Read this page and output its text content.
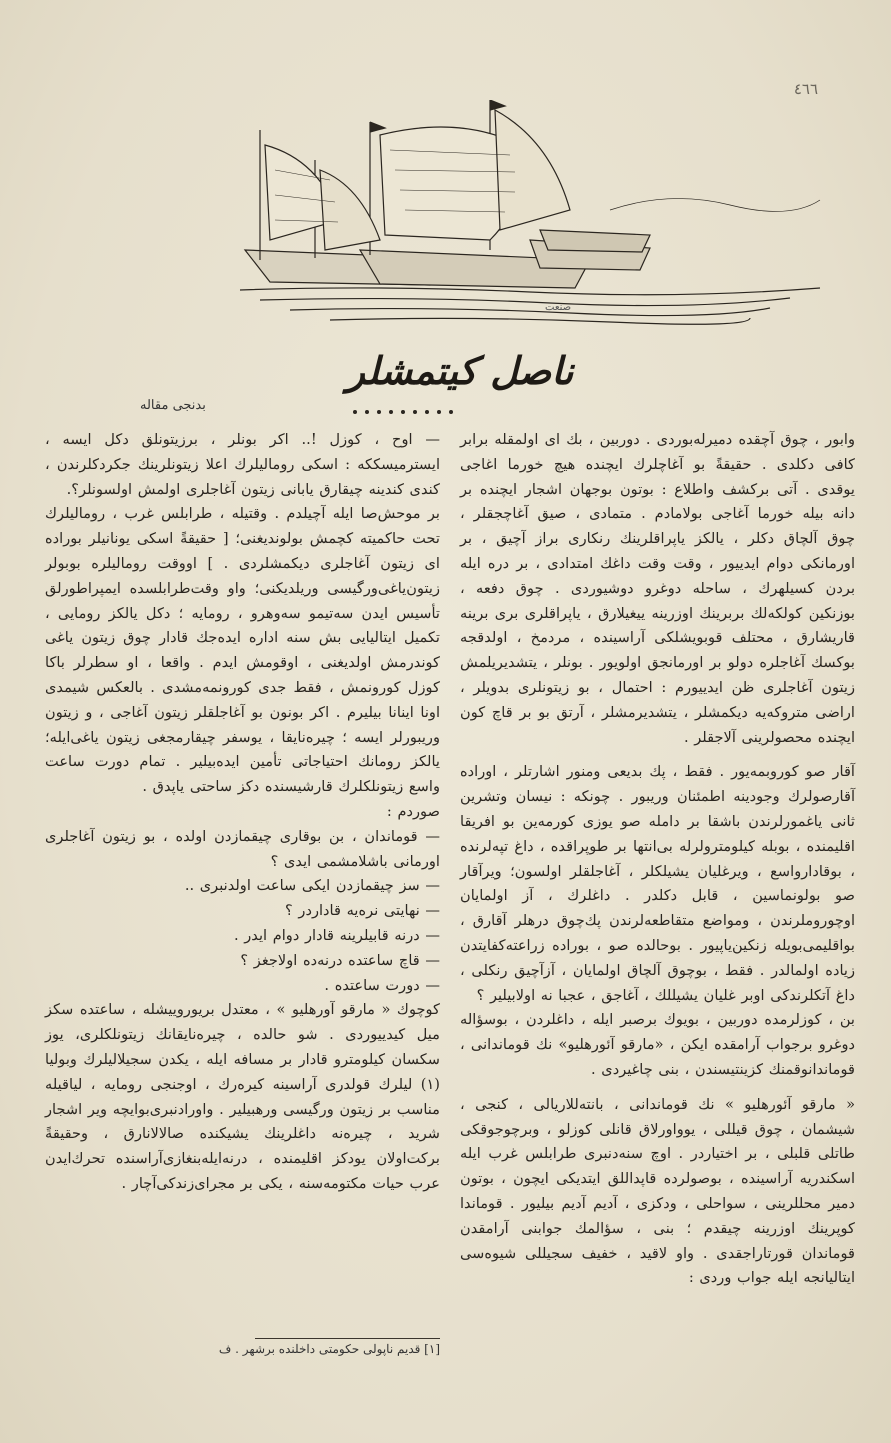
٤٦٦
صنعت
ناصل كيتمشلر
بدنجى مقاله

وابور ، چوق آچقده دمیرله‌بوردی . دوربین ، بك ای اولمقله برابر كافی دكلدی . حقیقةً بو آغاچلرك ایچنده هیچ خورما اغاجی یوقدی . آتی بركشف واطلاع : بوتون بوجهان اشجار ایچنده بر دانه بیله خورما آغاجی بولامادم . متمادی ، صیق آغاچجقلر ، چوق آلچاق دكلر ، یالكز یاپراقلرینك رنكاری براز آچیق ، بر اورمانكی دوام ایدییور ، وقت وقت داغك امتدادی ، بر دره ایله بردن كسیلهرك ، ساحله دوغرو دوشیوردی . چوق دفعه ، بوزنكین كولكه‌لك بربرینك اوزرینه ییغیلارق ، یاپراقلری بری برینه قاریشارق ، محتلف قوبویشلكی آراسینده ، مردمخ ، اولدقجه بوكسك آغاجلره دولو بر اورمانجق اولویور . بونلر ، یتشدیریلمش زیتون آغاجلری ظن ایدییورم : احتمال ، بو زیتونلری بدویلر ، اراضی متروكه‌یه دیكمشلر ، یتشدیرمشلر ، آرتق بو بر قاچ كون ایچنده محصولرینی آلاجقلر .

آقار صو كوروبمه‌یور . فقط ، پك بدیعی ومنور اشارتلر ، اوراده آقارصولرك وجودینه اطمئنان وریبور . چونكه : نیسان وتشرین ثانی یاغمورلرندن باشقا بر دامله صو یوزی كورمه‌ین بو افریقا اقلیمنده ، بوبله كیلومترولرله بی‌انتها بر طوپراقده ، داغ تپه‌لرنده ، بوقادارواسع ، ویرغلیان یشیلكلر ، آغاجلقلر اولسون؛ ویرآقار صو بولونماسین ، قابل دكلدر . داغلرك ، آز اولمایان اوچوروملرندن ، ومواضع متقاطعه‌لرندن پك‌چوق درهلر آقارق ، بواقلیمی‌بویله زنكین‌یاپیور . بوحالده صو ، بوراده زراعته‌كفایتدن زیاده اولمالدر . فقط ، بوچوق آلچاق اولمایان ، آزآچیق رنكلی ، داغ آتكلرندكی اوبر غلیان یشیللك ، آغاجق ، عجبا نه اولابیلیر ؟

بن ، كوزلرمده دوربین ، بویوك برصبر ایله ، داغلردن ، بوسؤاله دوغرو برجواب آرامقده ایكن ، «مارقو آئورهلیو» نك قوماندانی ، قوماندانوقمنك كزینتیسندن ، بنی چاغیردی .

« مارقو آئورهلیو » نك قوماندانی ، بانته‌للاریالی ، كنجی ، شیشمان ، چوق قیللی ، یوواورلاق قانلی كوزلو ، وبرچوجوقكی طاتلی قلبلی ، بر اختیاردر . اوچ سنه‌دنبری طرابلس غرب ایله اسكندریه آراسینده ، بوصولرده قاپداللق ایتدیكی ایچون ، بوتون دمیر محللرینی ، سواحلی ، ودكزی ، آدیم آدیم بیلیور . قوماندا كوپرینك اوزرینه چیقدم ؛ بنی ، سؤالمك جوابنی آرامقدن قوماندان قورتاراجقدی . واو لاقید ، خفیف سجیللی شیوه‌سی ایتالیانجه ایله جواب وردی :

— اوح ، كوزل !.. اكر بونلر ، برزیتونلق دكل ایسه ، ایسترمیسككه : اسكی رومالیلرك اعلا زیتونلرینك جكردكلرندن ، كندی كندینه چیقارق یابانی زیتون آغاجلری اولمش اولسونلر؟.

بر موحش‌صا ایله آچیلدم . وقتیله ، طرابلس غرب ، رومالیلرك تحت حاكمیته كچمش بولوندیغنی؛ [ حقیقةً اسكی یونانیلر بوراده ای زیتون آغاجلری دیكمشلردی . ] اووقت رومالیلره بوبولر زیتون‌یاغی‌ورگیسی وریلدیكنی؛ واو وقت‌طرابلسده ایمپراطورلق تأسیس ایدن سه‌تیمو سه‌وهرو ، رومایه ؛ دكل یالكز رومایی ، تكمیل ایتالیایی بش سنه اداره ایده‌جك قادار چوق زیتون یاغی كوندرمش اولدیغنی ، اوقومش ایدم . واقعا ، او سطرلر باكا كوزل كورونمش ، فقط جدی كورونمه‌مشدی . بالعكس شیمدی اونا اینانا بیلیرم . اكر بونون بو آغاجلقلر زیتون آغاجی ، و زیتون وریبورلر ایسه ؛ چیره‌نایقا ، یوسفر چیقارمجغی زیتون یاغی‌ایله؛ یالكز رومانك احتیاجاتی تأمین ایده‌بیلیر . تمام دورت ساعت واسع زیتونلكلرك قارشیسنده دكز ساحتی یاپدق .

صوردم :

— قوماندان ، بن بوقاری چیقمازدن اولده ، بو زیتون آغاجلری اورمانی باشلامشمی ایدی ؟

— سز چیقمازدن ایكی ساعت اولدنبری ..

— نهایتی نره‌یه قاداردر ؟

— درنه قابیلرینه قادار دوام ایدر .

— قاچ ساعتده درنه‌ده اولاجغز ؟

— دورت ساعتده .

كوچوك « مارقو آورهلیو » ، معتدل بریوروییشله ، ساعتده سكز میل كیدییوردی . شو حالده ، چیره‌نایقانك زیتونلكلری، یوز سكسان كیلومترو قادار بر مسافه ایله ، یكدن سجیلالیلرك وبولیا (۱) لیلرك قولدری آراسینه كیره‌رك ، اوجنجی رومایه ، لیاقیله مناسب بر زیتون ورگیسی ورهبیلیر . واورادنبری‌بوایچه ویر اشجار شرید ، چیره‌نه داغلرینك یشیكنده صالالانارق ، وحقیقةً بركت‌اولان یودكز اقلیمنده ، درنه‌ایله‌بنغازی‌آراسنده تحرك‌ایدن عرب حیات مكتومه‌سنه ، یكی بر مجرای‌زندكی‌آچار .

[۱] قدیم ناپولی حكومتی داخلنده برشهر . ف
